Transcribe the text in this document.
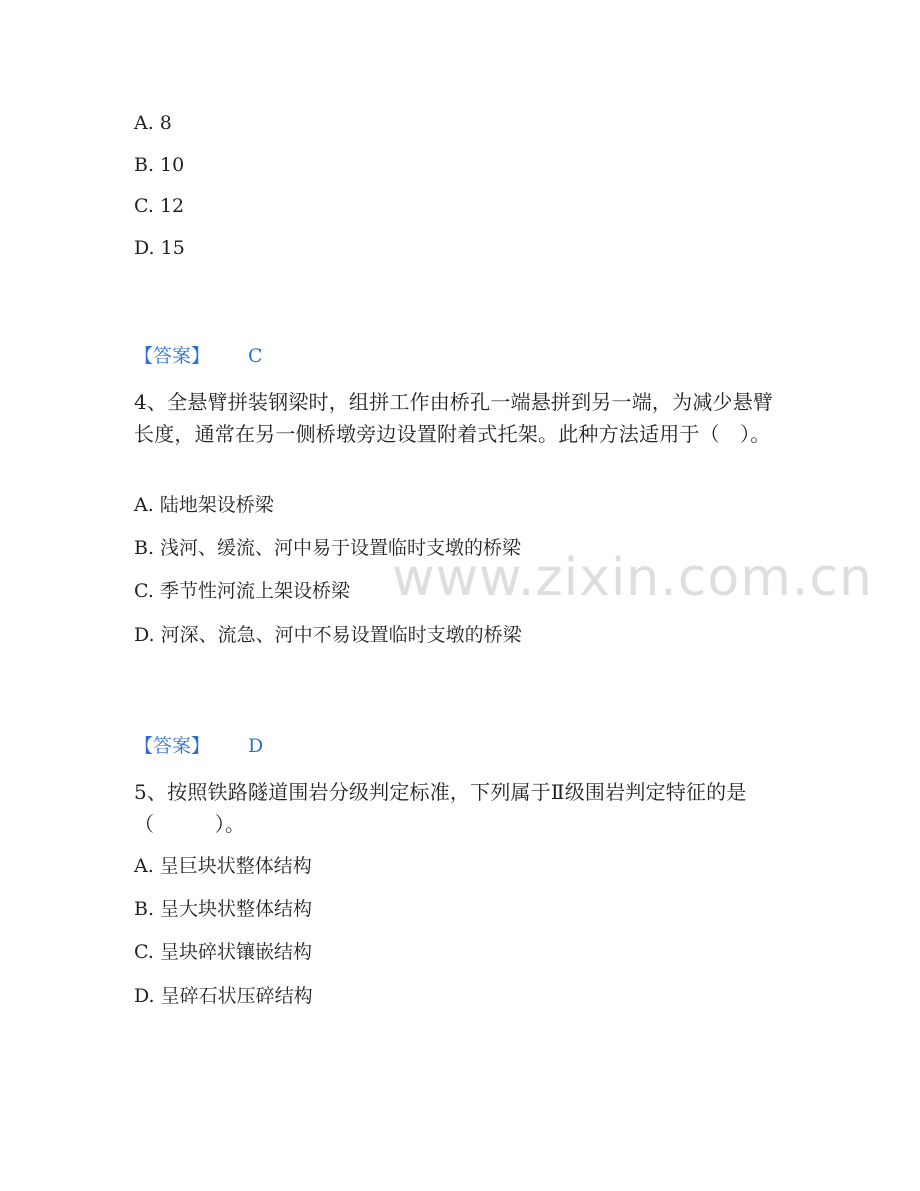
A. 8
B. 10
C. 12
D. 15
【答案】 C
4、全悬臂拼装钢梁时，组拼工作由桥孔一端悬拼到另一端，为减少悬臂长度，通常在另一侧桥墩旁边设置附着式托架。此种方法适用于（　）。
A. 陆地架设桥梁
B. 浅河、缓流、河中易于设置临时支墩的桥梁
C. 季节性河流上架设桥梁
D. 河深、流急、河中不易设置临时支墩的桥梁
【答案】 D
5、按照铁路隧道围岩分级判定标准，下列属于Ⅱ级围岩判定特征的是（　　　）。
A. 呈巨块状整体结构
B. 呈大块状整体结构
C. 呈块碎状镶嵌结构
D. 呈碎石状压碎结构
www.zixin.com.cn
